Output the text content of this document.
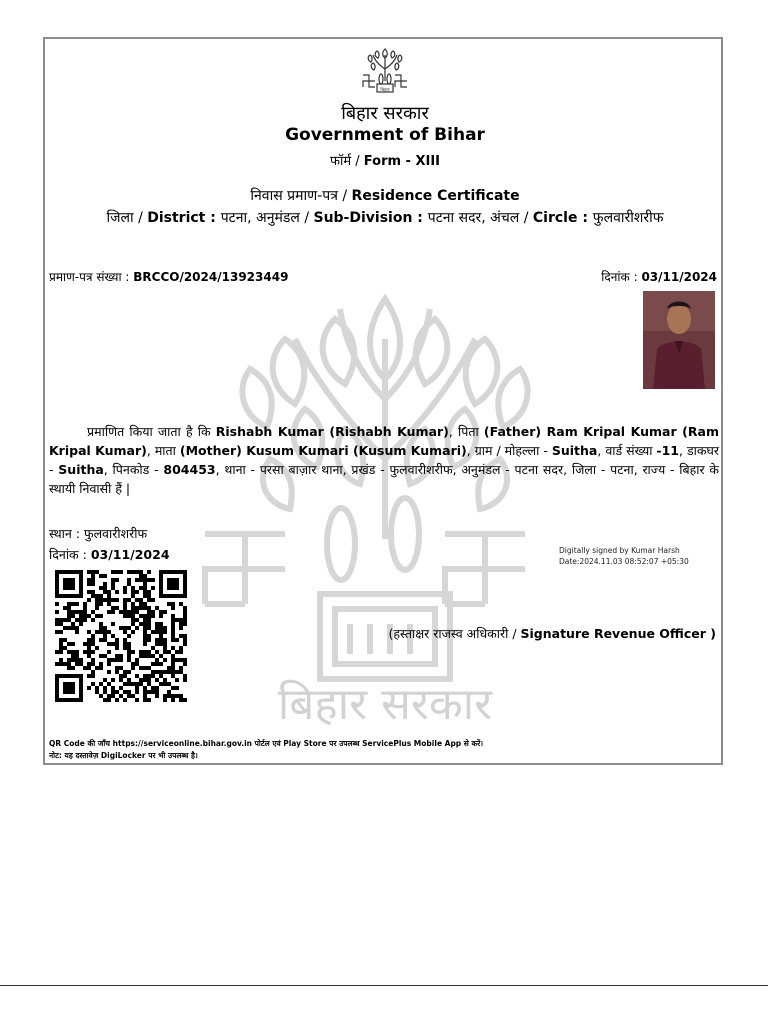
बिहार सरकार
बिहार
बिहार सरकार
Government of Bihar
फॉर्म / Form - XIII
निवास प्रमाण-पत्र / Residence Certificate
जिला / District : पटना, अनुमंडल / Sub-Division : पटना सदर, अंचल / Circle : फुलवारीशरीफ
प्रमाण-पत्र संख्या : BRCCO/2024/13923449	दिनांक : 03/11/2024
प्रमाणित किया जाता है कि Rishabh Kumar (Rishabh Kumar), पिता (Father) Ram Kripal Kumar (Ram Kripal Kumar), माता (Mother) Kusum Kumari (Kusum Kumari), ग्राम / मोहल्ला - Suitha, वार्ड संख्या -11, डाकघर - Suitha, पिनकोड - 804453, थाना - परसा बाज़ार थाना, प्रखंड - फुलवारीशरीफ, अनुमंडल - पटना सदर, जिला - पटना, राज्य - बिहार के स्थायी निवासी हैं |
स्थान : फुलवारीशरीफ
दिनांक : 03/11/2024	Digitally signed by Kumar Harsh
Date:2024.11.03 08:52:07 +05:30
(हस्ताक्षर राजस्व अधिकारी / Signature Revenue Officer )
QR Code की जाँच https://serviceonline.bihar.gov.in पोर्टल एवं Play Store पर उपलब्ध ServicePlus Mobile App से करें।
नोट: यह दस्तावेज़ DigiLocker पर भी उपलब्ध है।
